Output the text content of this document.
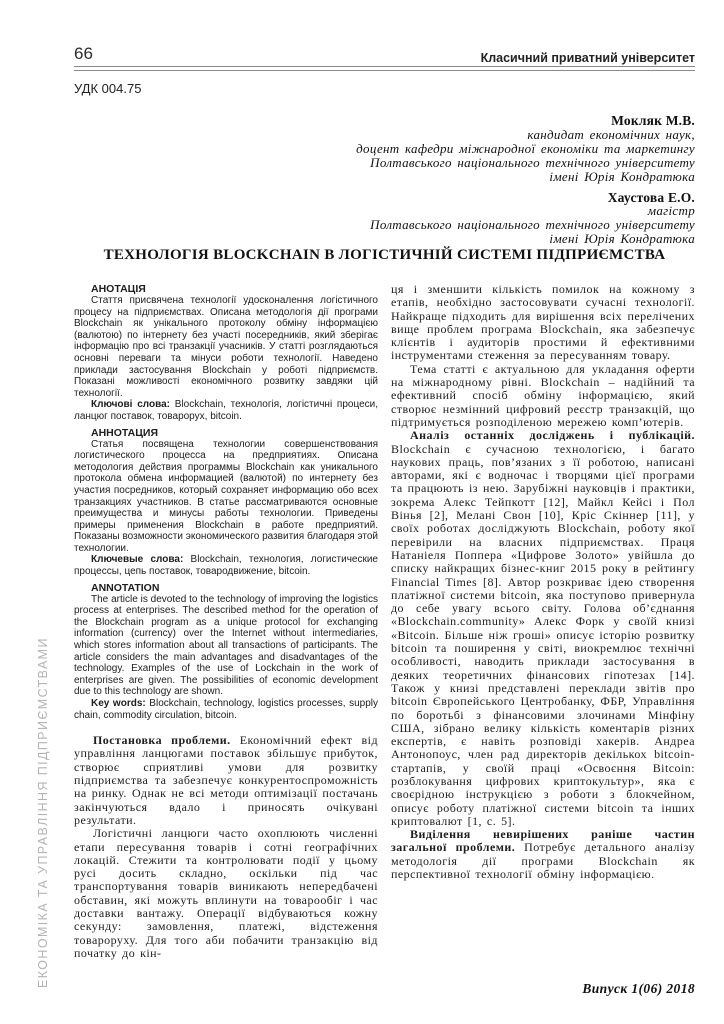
66	Класичний приватний університет
УДК 004.75
Мокляк М.В.
кандидат економічних наук,
доцент кафедри міжнародної економіки та маркетингу
Полтавського національного технічного університету
імені Юрія Кондратюка
Хаустова Е.О.
магістр
Полтавського національного технічного університету
імені Юрія Кондратюка
ТЕХНОЛОГІЯ BLOCKCHAIN В ЛОГІСТИЧНІЙ СИСТЕМІ ПІДПРИЄМСТВА
АНОТАЦІЯ

Стаття присвячена технології удосконалення логістичного процесу на підприємствах. Описана методологія дії програми Blockchain як унікального протоколу обміну інформацією (валютою) по інтернету без участі посередників, який зберігає інформацію про всі транзакції учасників. У статті розглядаються основні переваги та мінуси роботи технології. Наведено приклади застосування Blockchain у роботі підприємств. Показані можливості економічного розвитку завдяки цій технології.

Ключові слова: Blockchain, технологія, логістичні процеси, ланцюг поставок, товарорух, bitcoin.

АННОТАЦИЯ

Статья посвящена технологии совершенствования логистического процесса на предприятиях. Описана методология действия программы Blockchain как уникального протокола обмена информацией (валютой) по интернету без участия посредников, который сохраняет информацию обо всех транзакциях участников. В статье рассматриваются основные преимущества и минусы работы технологии. Приведены примеры применения Blockchain в работе предприятий. Показаны возможности экономического развития благодаря этой технологии.

Ключевые слова: Blockchain, технология, логистические процессы, цепь поставок, товародвижение, bitcoin.

ANNOTATION

The article is devoted to the technology of improving the logistics process at enterprises. The described method for the operation of the Blockchain program as a unique protocol for exchanging information (currency) over the Internet without intermediaries, which stores information about all transactions of participants. The article considers the main advantages and disadvantages of the technology. Examples of the use of Lockchain in the work of enterprises are given. The possibilities of economic development due to this technology are shown.

Key words: Blockchain, technology, logistics processes, supply chain, commodity circulation, bitcoin.

Постановка проблеми. Економічний ефект від управління ланцюгами поставок збільшує прибуток, створює сприятливі умови для розвитку підприємства та забезпечує конкурентоспроможність на ринку. Однак не всі методи оптимізації постачань закінчуються вдало і приносять очікувані результати.

Логістичні ланцюги часто охоплюють численні етапи пересування товарів і сотні географічних локацій. Стежити та контролювати події у цьому русі досить складно, оскільки під час транспортування товарів виникають непередбачені обставин, які можуть вплинути на товарообіг і час доставки вантажу. Операції відбуваються кожну секунду: замовлення, платежі, відстеження товароруху. Для того аби побачити транзакцію від початку до кін-

ця і зменшити кількість помилок на кожному з етапів, необхідно застосовувати сучасні технології. Найкраще підходить для вирішення всіх перелічених вище проблем програма Blockchain, яка забезпечує клієнтів і аудиторів простими й ефективними інструментами стеження за пересуванням товару.

Тема статті є актуальною для укладання оферти на міжнародному рівні. Blockchain – надійний та ефективний спосіб обміну інформацією, який створює незмінний цифровий реєстр транзакцій, що підтримується розподіленою мережею комп’ютерів.

Аналіз останніх досліджень і публікацій. Blockchain є сучасною технологією, і багато наукових праць, пов’язаних з її роботою, написані авторами, які є водночас і творцями цієї програми та працюють із нею. Зарубіжні науковців і практики, зокрема Алекс Тейпкотт [12], Майкл Кейсі і Пол Вінья [2], Мелані Свон [10], Кріс Скіннер [11], у своїх роботах досліджують Blockchain, роботу якої перевірили на власних підприємствах. Праця Натаніеля Поппера «Цифрове Золото» увійшла до списку найкращих бізнес-книг 2015 року в рейтингу Financial Times [8]. Автор розкриває ідею створення платіжної системи bitcoin, яка поступово привернула до себе увагу всього світу. Голова об’єднання «Blockchain.community» Алекс Форк у своїй книзі «Bitcoin. Більше ніж гроші» описує історію розвитку bitcoin та поширення у світі, виокремлює технічні особливості, наводить приклади застосування в деяких теоретичних фінансових гіпотезах [14]. Також у книзі представлені переклади звітів про bitcoin Європейського Центробанку, ФБР, Управління по боротьбі з фінансовими злочинами Мінфіну США, зібрано велику кількість коментарів різних експертів, є навіть розповіді хакерів. Андреа Антонопоус, член рад директорів декількох bitcoin-стартапів, у своїй праці «Освоєння Bitcoin: розблокування цифрових криптокультур», яка є своєрідною інструкцією з роботи з блокчейном, описує роботу платіжної системи bitcoin та інших криптовалют [1, с. 5].

Виділення невирішених раніше частин загальної проблеми. Потребує детального аналізу методологія дії програми Blockchain як перспективної технології обміну інформацією.

ЕКОНОМІКА ТА УПРАВЛІННЯ ПІДПРИЄМСТВАМИ
Випуск 1(06) 2018
